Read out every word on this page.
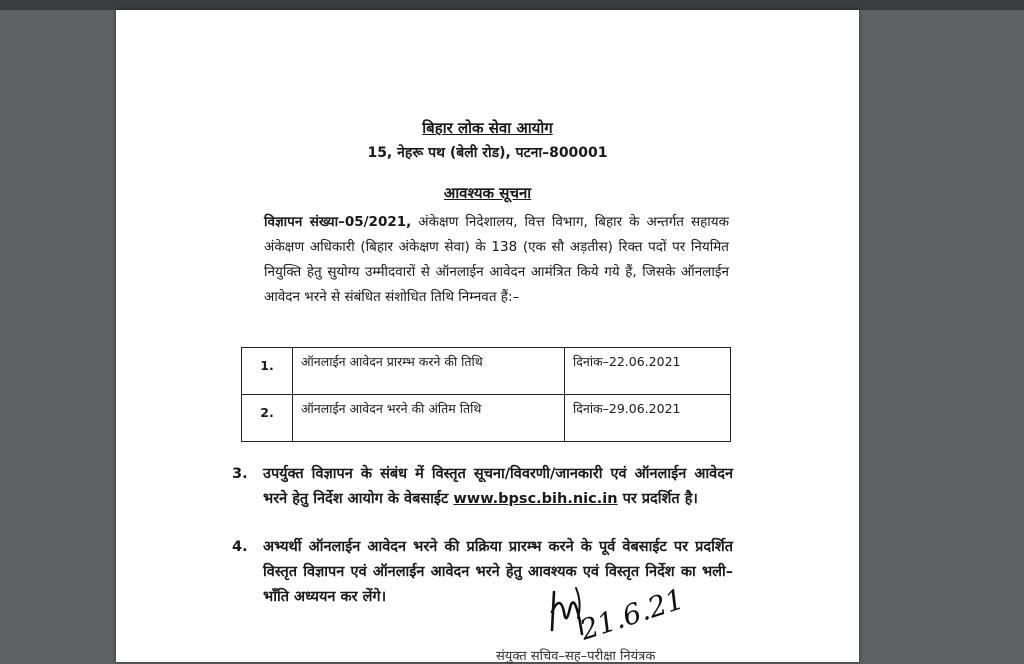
बिहार लोक सेवा आयोग
15, नेहरू पथ (बेली रोड), पटना–800001
आवश्यक सूचना
विज्ञापन संख्या–05/2021, अंकेक्षण निदेशालय, वित्त विभाग, बिहार के अन्तर्गत सहायक अंकेक्षण अधिकारी (बिहार अंकेक्षण सेवा) के 138 (एक सौ अड़तीस) रिक्त पदों पर नियमित नियुक्ति हेतु सुयोग्य उम्मीदवारों से ऑनलाईन आवेदन आमंत्रित किये गये हैं, जिसके ऑनलाईन आवेदन भरने से संबंधित संशोधित तिथि निम्नवत हैं:–
1.	ऑनलाईन आवेदन प्रारम्भ करने की तिथि	दिनांक–22.06.2021
2.	ऑनलाईन आवेदन भरने की अंतिम तिथि	दिनांक–29.06.2021
3.	उपर्युक्त विज्ञापन के संबंध में विस्तृत सूचना/विवरणी/जानकारी एवं ऑनलाईन आवेदन भरने हेतु निर्देश आयोग के वेबसाईट www.bpsc.bih.nic.in पर प्रदर्शित है।
4.	अभ्यर्थी ऑनलाईन आवेदन भरने की प्रक्रिया प्रारम्भ करने के पूर्व वेबसाईट पर प्रदर्शित विस्तृत विज्ञापन एवं ऑनलाईन आवेदन भरने हेतु आवश्यक एवं विस्तृत निर्देश का भली–भाँति अध्ययन कर लेंगे।	21.6.21
संयुक्त सचिव–सह–परीक्षा नियंत्रक
